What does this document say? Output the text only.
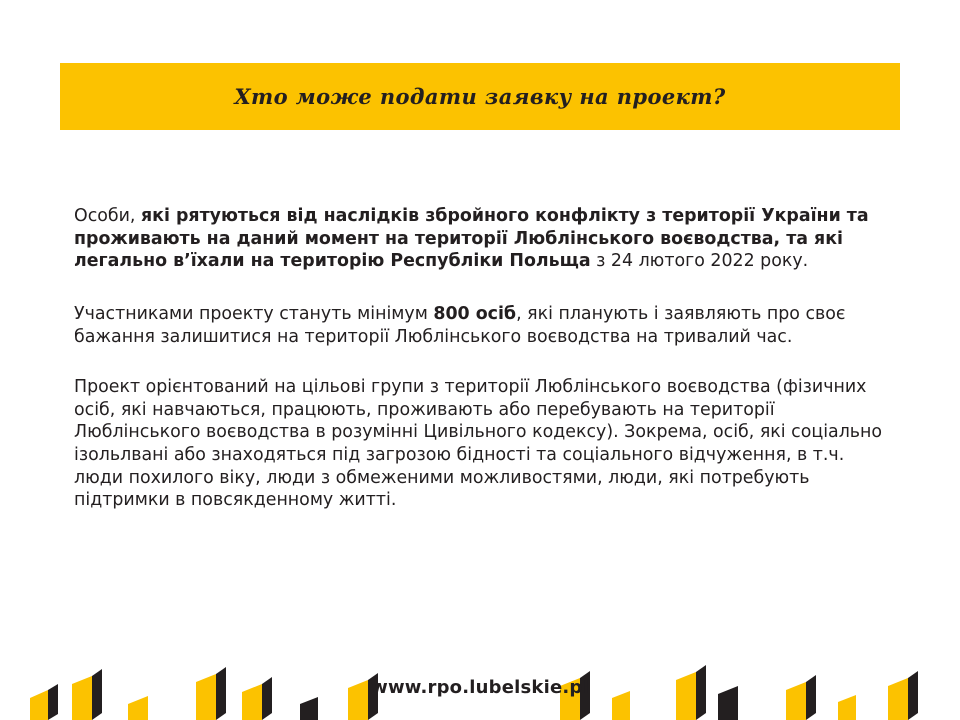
Хто може подати заявку на проект?

Особи, які рятуються від наслідків збройного конфлікту з території України та проживають на даний момент на території Люблінського воєводства, та які легально в’їхали на територію Республіки Польща з 24 лютого 2022 року.

Участниками проекту стануть мінімум 800 осіб, які планують і заявляють про своє бажання залишитися на території Люблінського воєводства на тривалий час.

Проект орієнтований на цільові групи з території Люблінського воєводства (фізичних осіб, які навчаються, працюють, проживають або перебувають на території Люблінського воєводства в розумінні Цивільного кодексу). Зокрема, осіб, які соціально ізольлвані або знаходяться під загрозою бідності та соціального відчуження, в т.ч. люди похилого віку, люди з обмеженими можливостями, люди, які потребують підтримки в повсякденному житті.

www.rpo.lubelskie.pl
